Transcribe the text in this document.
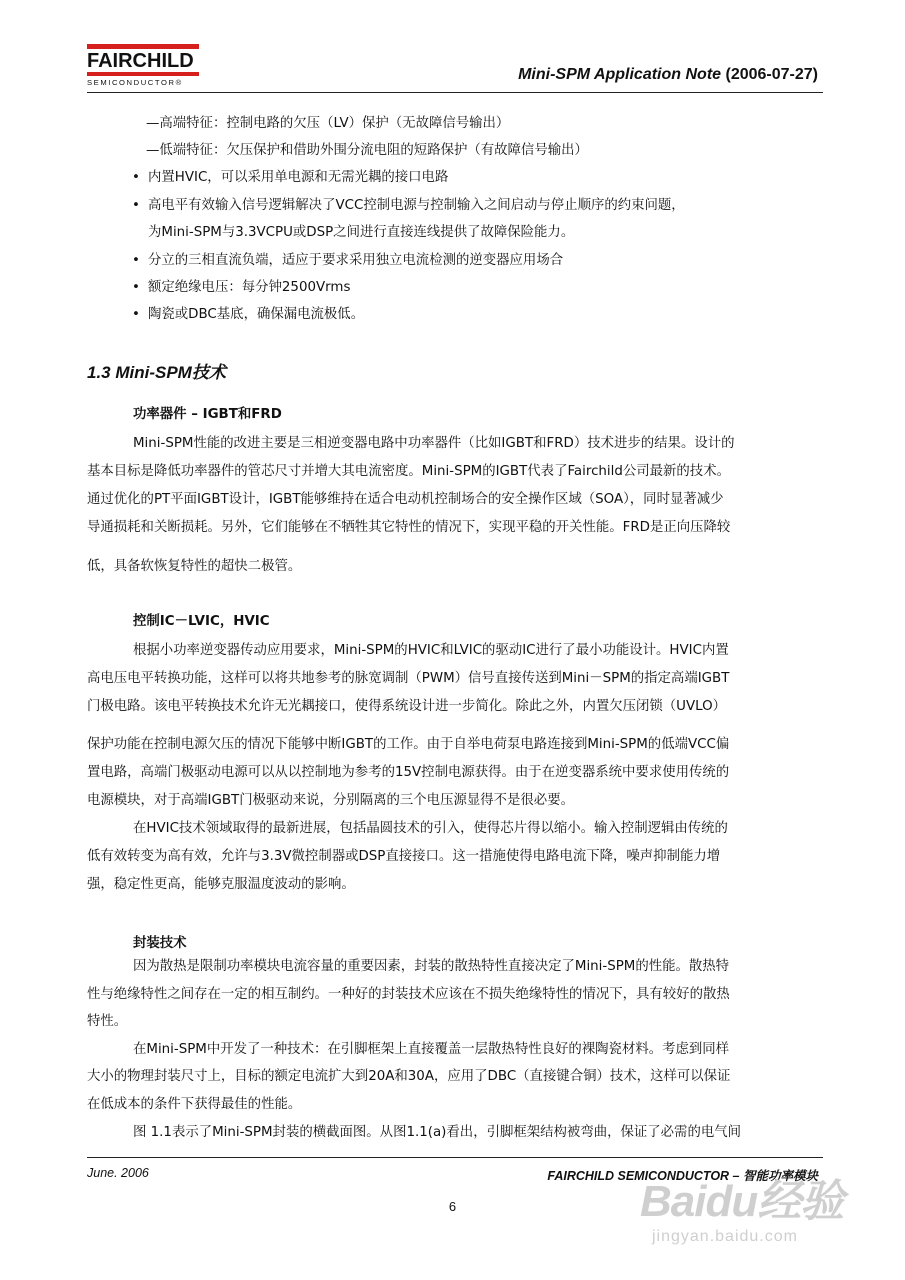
FAIRCHILD
SEMICONDUCTOR®	Mini-SPM Application Note (2006-07-27)
—高端特征：控制电路的欠压（LV）保护（无故障信号输出）
—低端特征：欠压保护和借助外围分流电阻的短路保护（有故障信号输出）
• 内置HVIC，可以采用单电源和无需光耦的接口电路
• 高电平有效输入信号逻辑解决了VCC控制电源与控制输入之间启动与停止顺序的约束问题，
为Mini-SPM与3.3VCPU或DSP之间进行直接连线提供了故障保险能力。
• 分立的三相直流负端，适应于要求采用独立电流检测的逆变器应用场合
• 额定绝缘电压：每分钟2500Vrms
• 陶瓷或DBC基底，确保漏电流极低。
1.3 Mini-SPM技术
功率器件 – IGBT和FRD
Mini-SPM性能的改进主要是三相逆变器电路中功率器件（比如IGBT和FRD）技术进步的结果。设计的
基本目标是降低功率器件的管芯尺寸并增大其电流密度。Mini-SPM的IGBT代表了Fairchild公司最新的技术。
通过优化的PT平面IGBT设计，IGBT能够维持在适合电动机控制场合的安全操作区域（SOA），同时显著减少
导通损耗和关断损耗。另外，它们能够在不牺牲其它特性的情况下，实现平稳的开关性能。FRD是正向压降较
低，具备软恢复特性的超快二极管。
控制IC－LVIC，HVIC
根据小功率逆变器传动应用要求，Mini-SPM的HVIC和LVIC的驱动IC进行了最小功能设计。HVIC内置
高电压电平转换功能，这样可以将共地参考的脉宽调制（PWM）信号直接传送到Mini－SPM的指定高端IGBT
门极电路。该电平转换技术允许无光耦接口，使得系统设计进一步简化。除此之外，内置欠压闭锁（UVLO）
保护功能在控制电源欠压的情况下能够中断IGBT的工作。由于自举电荷泵电路连接到Mini-SPM的低端VCC偏
置电路，高端门极驱动电源可以从以控制地为参考的15V控制电源获得。由于在逆变器系统中要求使用传统的
电源模块，对于高端IGBT门极驱动来说，分别隔离的三个电压源显得不是很必要。
在HVIC技术领域取得的最新进展，包括晶圆技术的引入，使得芯片得以缩小。输入控制逻辑由传统的
低有效转变为高有效，允许与3.3V微控制器或DSP直接接口。这一措施使得电路电流下降，噪声抑制能力增
强，稳定性更高，能够克服温度波动的影响。
封装技术
因为散热是限制功率模块电流容量的重要因素，封装的散热特性直接决定了Mini-SPM的性能。散热特
性与绝缘特性之间存在一定的相互制约。一种好的封装技术应该在不损失绝缘特性的情况下，具有较好的散热
特性。
在Mini-SPM中开发了一种技术：在引脚框架上直接覆盖一层散热特性良好的裸陶瓷材料。考虑到同样
大小的物理封装尺寸上，目标的额定电流扩大到20A和30A，应用了DBC（直接键合铜）技术，这样可以保证
在低成本的条件下获得最佳的性能。
图 1.1表示了Mini-SPM封装的横截面图。从图1.1(a)看出，引脚框架结构被弯曲，保证了必需的电气间
June. 2006	FAIRCHILD SEMICONDUCTOR – 智能功率模块
6	Baidu经验
jingyan.baidu.com
